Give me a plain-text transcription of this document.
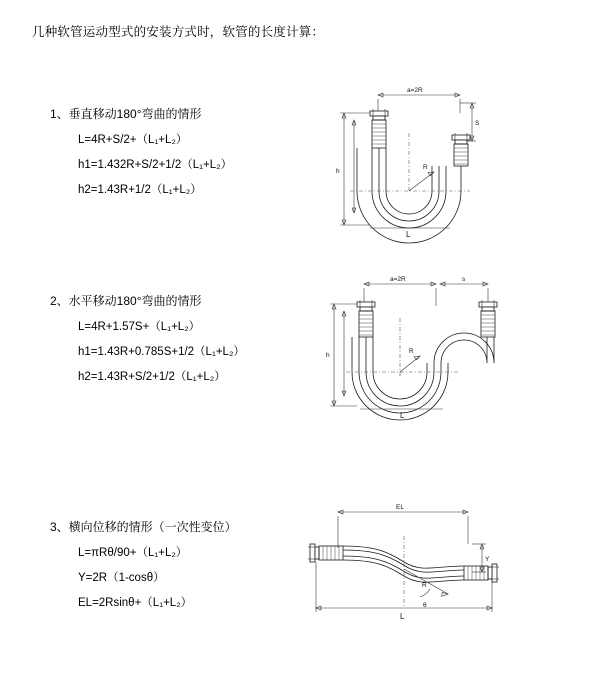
几种软管运动型式的安装方式时，软管的长度计算：
1、垂直移动180°弯曲的情形
L=4R+S/2+（L₁+L₂）
h1=1.432R+S/2+1/2（L₁+L₂）
h2=1.43R+1/2（L₁+L₂）
a=2R
S
R
h
L
2、水平移动180°弯曲的情形
L=4R+1.57S+（L₁+L₂）
h1=1.43R+0.785S+1/2（L₁+L₂）
h2=1.43R+S/2+1/2（L₁+L₂）
a=2R	s
R
h
L
3、横向位移的情形（一次性变位）
L=πRθ/90+（L₁+L₂）
Y=2R（1-cosθ）
EL=2Rsinθ+（L₁+L₂）
EL
R
θ
Y
L
